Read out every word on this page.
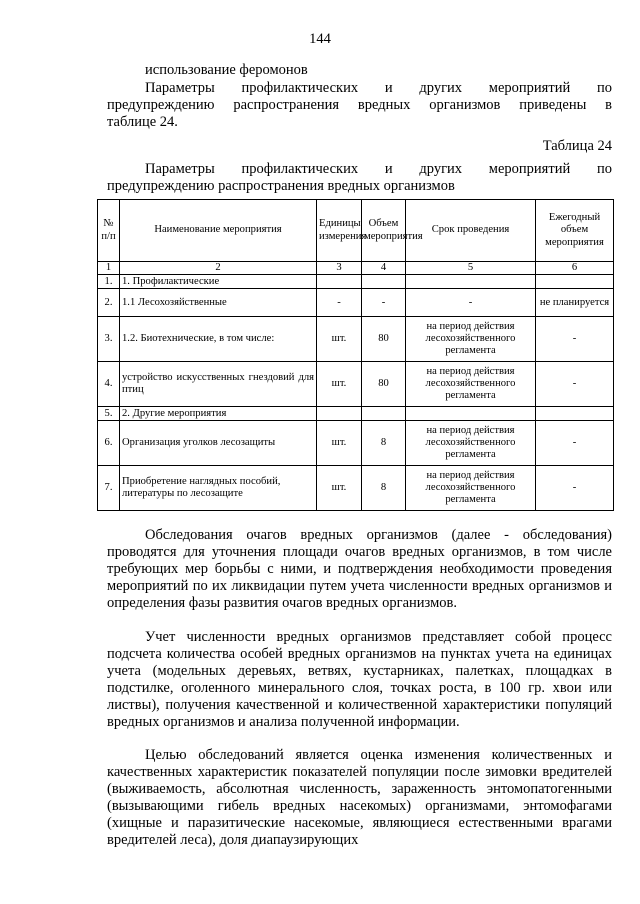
144

использование феромонов

Параметры профилактических и других мероприятий по
предупреждению распространения вредных организмов приведены в
таблице 24.
Таблица 24
Параметры профилактических и других мероприятий по
предупреждению распространения вредных организмов
№ п/п	Наименование мероприятия	Единицы измерения	Объем мероприятия	Срок проведения	Ежегодный объем мероприятия
1	2	3	4	5	6
1.	1. Профилактические				
2.	1.1 Лесохозяйственные	-	-	-	не планируется
3.	1.2. Биотехнические, в том числе:	шт.	80	на период действия лесохозяйственного регламента	-
4.	устройство искусственных гнездовий для птиц	шт.	80	на период действия лесохозяйственного регламента	-
5.	2. Другие мероприятия				
6.	Организация уголков лесозащиты	шт.	8	на период действия лесохозяйственного регламента	-
7.	Приобретение наглядных пособий, литературы по лесозащите	шт.	8	на период действия лесохозяйственного регламента	-

Обследования очагов вредных организмов (далее - обследования) проводятся для уточнения площади очагов вредных организмов, в том числе требующих мер борьбы с ними, и подтверждения необходимости проведения мероприятий по их ликвидации путем учета численности вредных организмов и определения фазы развития очагов вредных организмов.

Учет численности вредных организмов представляет собой процесс подсчета количества особей вредных организмов на пунктах учета на единицах учета (модельных деревьях, ветвях, кустарниках, палетках, площадках в подстилке, оголенного минерального слоя, точках роста, в 100 гр. хвои или листвы), получения качественной и количественной характеристики популяций вредных организмов и анализа полученной информации.

Целью обследований является оценка изменения количественных и качественных характеристик показателей популяции после зимовки вредителей (выживаемость, абсолютная численность, зараженность энтомопатогенными (вызывающими гибель вредных насекомых) организмами, энтомофагами (хищные и паразитические насекомые, являющиеся естественными врагами вредителей леса), доля диапаузирующих
